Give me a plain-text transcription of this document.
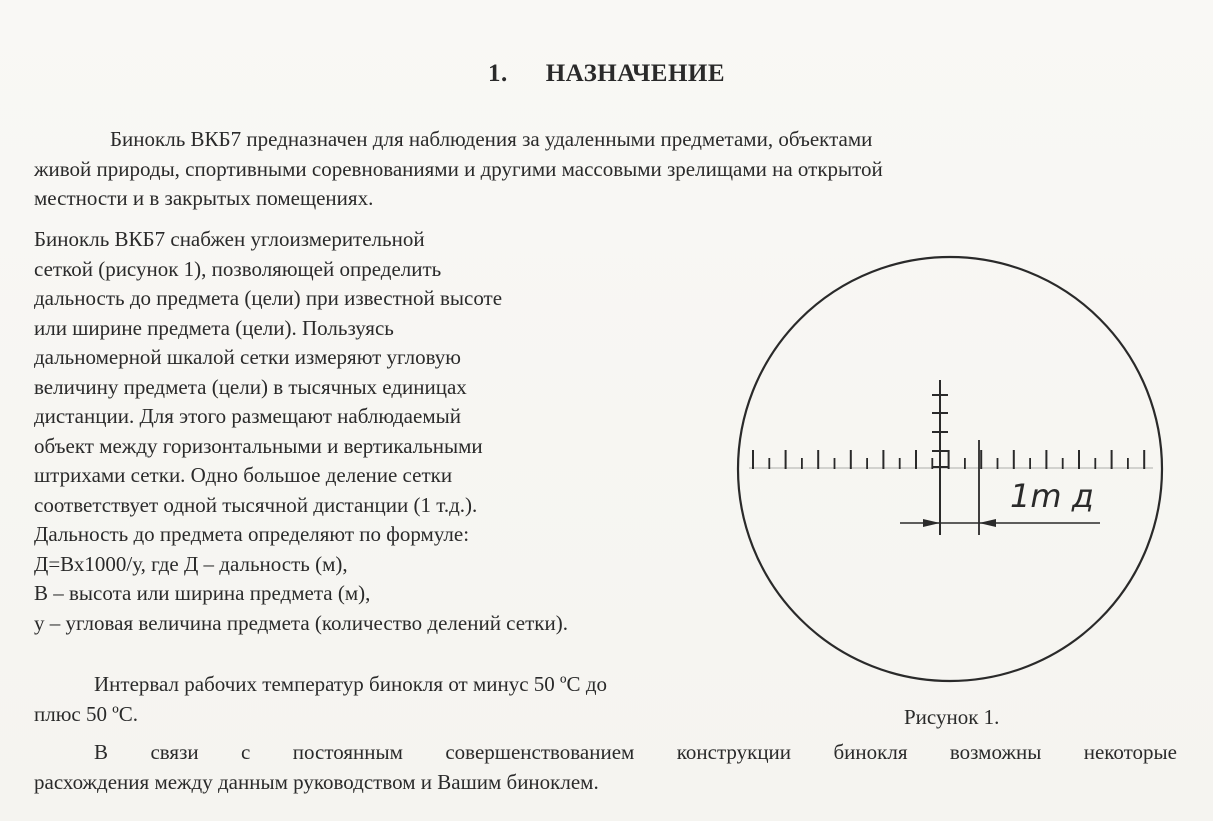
1. НАЗНАЧЕНИЕ
Бинокль ВКБ7 предназначен для наблюдения за удаленными предметами, объектами
живой природы, спортивными соревнованиями и другими массовыми зрелищами на открытой
местности и в закрытых помещениях.
Бинокль ВКБ7 снабжен углоизмерительной
сеткой (рисунок 1), позволяющей определить
дальность до предмета (цели) при известной высоте
или ширине предмета (цели). Пользуясь
дальномерной шкалой сетки измеряют угловую
величину предмета (цели) в тысячных единицах
дистанции. Для этого размещают наблюдаемый
объект между горизонтальными и вертикальными
штрихами сетки. Одно большое деление сетки
соответствует одной тысячной дистанции (1 т.д.).
Дальность до предмета определяют по формуле:
Д=Вх1000/у, где Д – дальность (м),
В – высота или ширина предмета (м),
у – угловая величина предмета (количество делений сетки).
Интервал рабочих температур бинокля от минус 50 ºС до
плюс 50 ºС.
В связи с постоянным совершенствованием конструкции бинокля возможны некоторые
расхождения между данным руководством и Вашим биноклем.
1m д
Рисунок 1.
